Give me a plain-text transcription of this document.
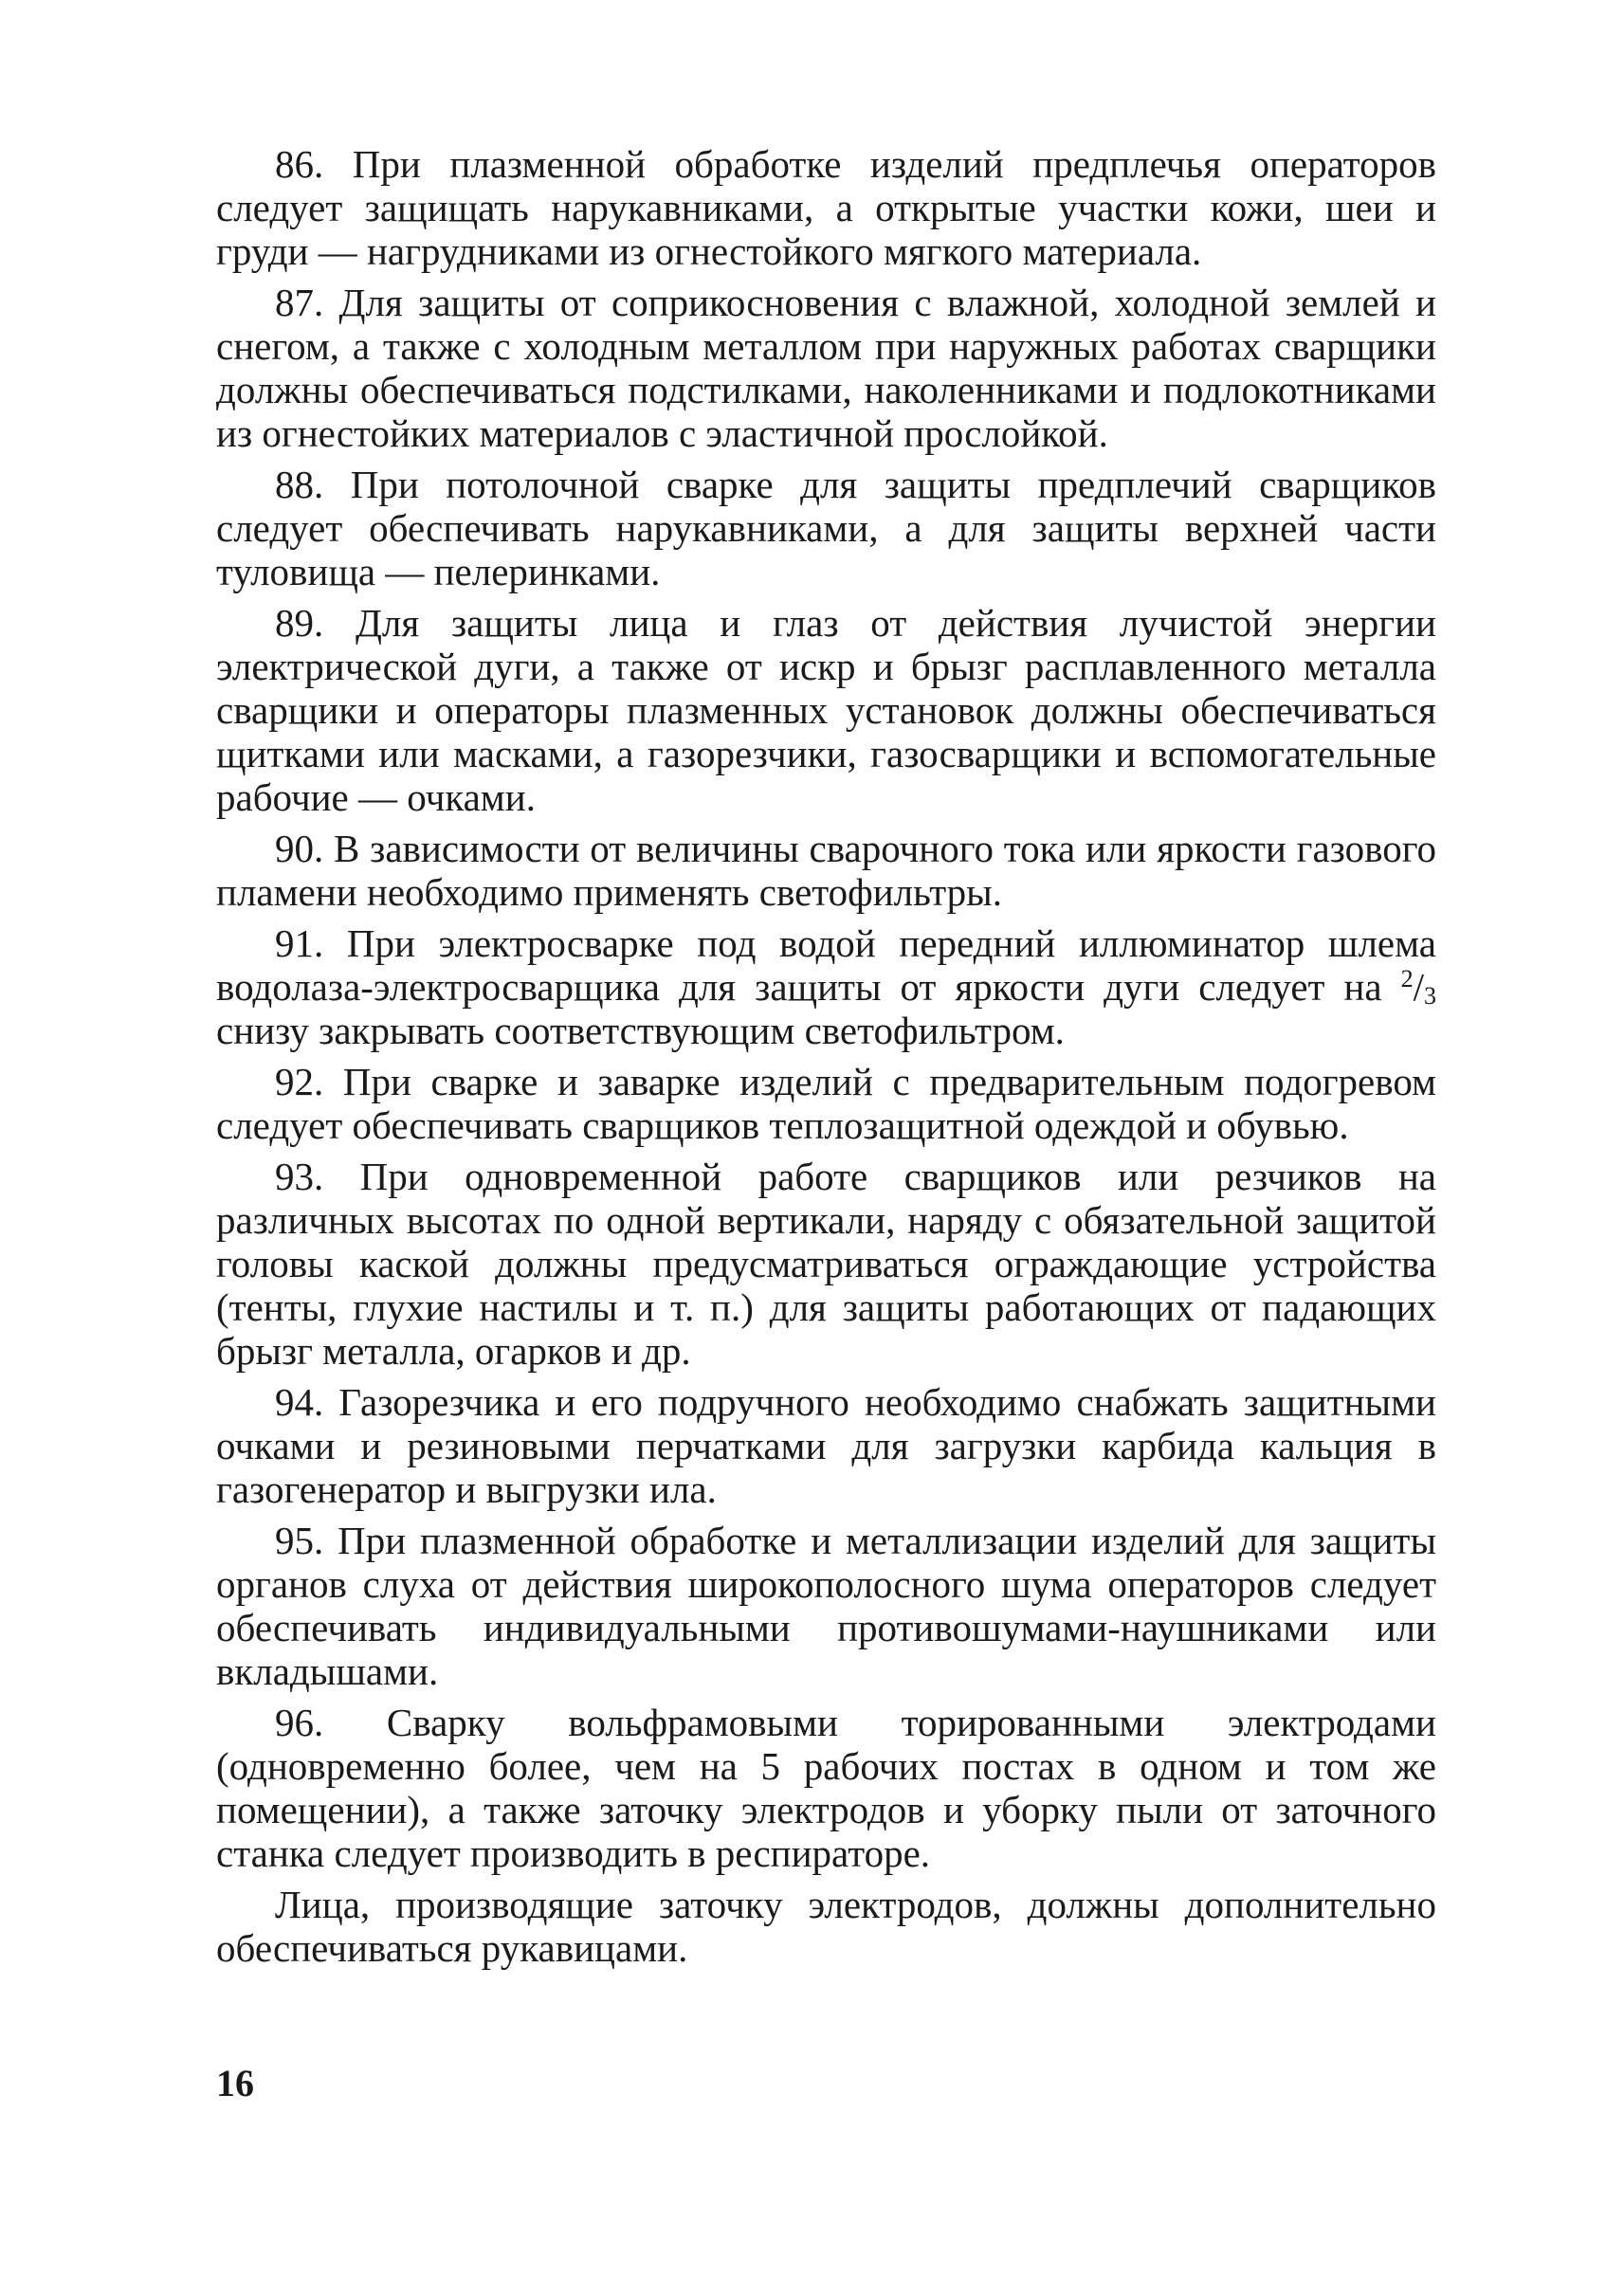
86. При плазменной обработке изделий предплечья операторов следует защищать нарукавниками, а открытые участки кожи, шеи и груди — нагрудниками из огнестойкого мягкого материала.

87. Для защиты от соприкосновения с влажной, холодной землей и снегом, а также с холодным металлом при наружных работах сварщики должны обеспечиваться подстилками, наколенниками и подлокотниками из огнестойких материалов с эластичной прослойкой.

88. При потолочной сварке для защиты предплечий сварщиков следует обеспечивать нарукавниками, а для защиты верхней части туловища — пелеринками.

89. Для защиты лица и глаз от действия лучистой энергии электрической дуги, а также от искр и брызг расплавленного металла сварщики и операторы плазменных установок должны обеспечиваться щитками или масками, а газорезчики, газосварщики и вспомогательные рабочие — очками.

90. В зависимости от величины сварочного тока или яркости газового пламени необходимо применять светофильтры.

91. При электросварке под водой передний иллюминатор шлема водолаза-электросварщика для защиты от яркости дуги следует на $^2/_3$ снизу закрывать соответствующим светофильтром.

92. При сварке и заварке изделий с предварительным подогревом следует обеспечивать сварщиков теплозащитной одеждой и обувью.

93. При одновременной работе сварщиков или резчиков на различных высотах по одной вертикали, наряду с обязательной защитой головы каской должны предусматриваться ограждающие устройства (тенты, глухие настилы и т. п.) для защиты работающих от падающих брызг металла, огарков и др.

94. Газорезчика и его подручного необходимо снабжать защитными очками и резиновыми перчатками для загрузки карбида кальция в газогенератор и выгрузки ила.

95. При плазменной обработке и металлизации изделий для защиты органов слуха от действия широкополосного шума операторов следует обеспечивать индивидуальными противошумами-наушниками или вкладышами.

96. Сварку вольфрамовыми торированными электродами (одновременно более, чем на 5 рабочих постах в одном и том же помещении), а также заточку электродов и уборку пыли от заточного станка следует производить в респираторе.

Лица, производящие заточку электродов, должны дополнительно обеспечиваться рукавицами.

16
